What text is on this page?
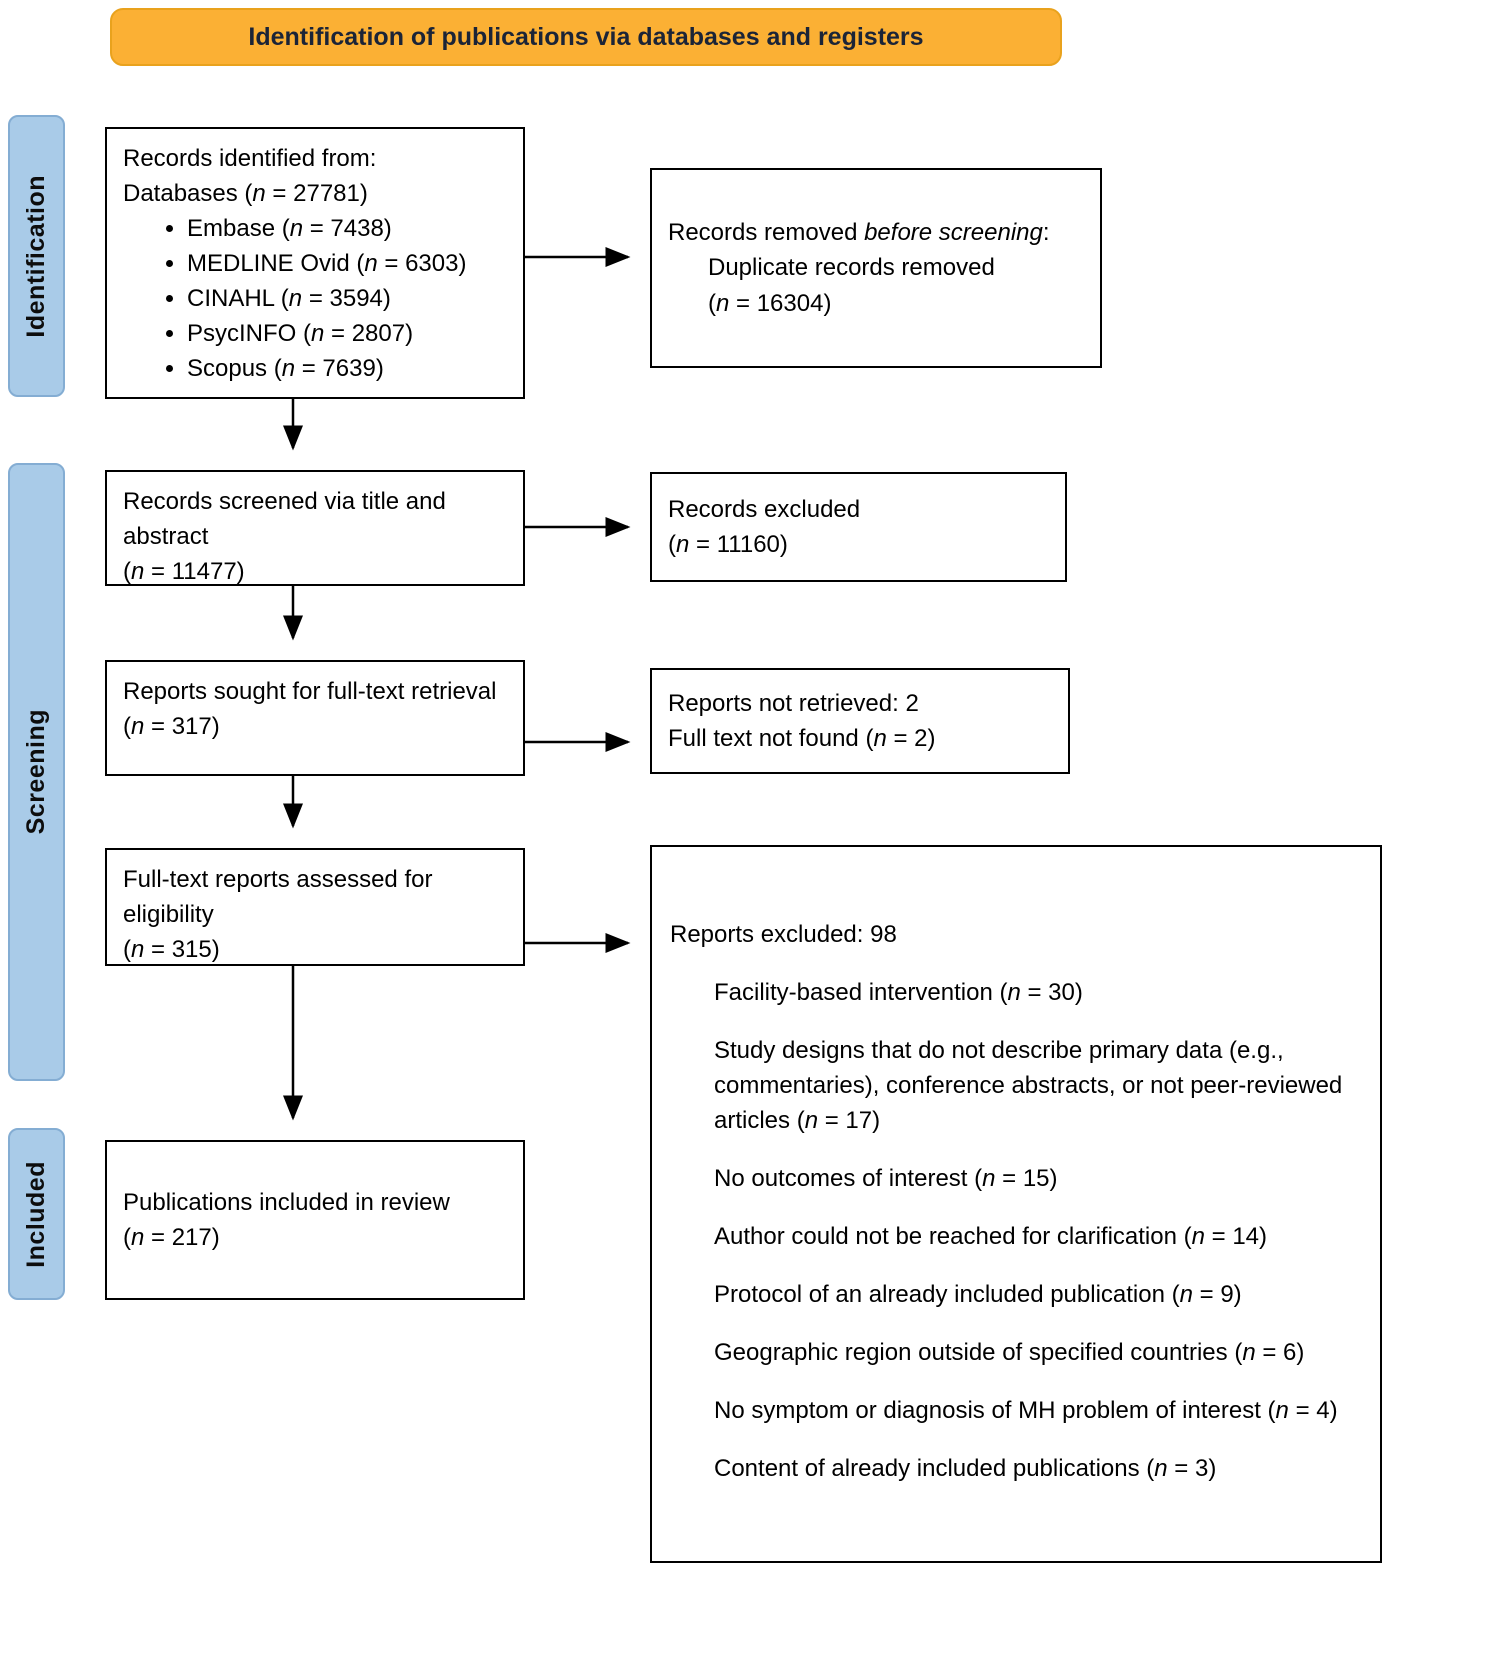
Identification of publications via databases and registers
Identification
Screening
Included
Records identified from:
Databases (n = 27781)
• Embase (n = 7438)
• MEDLINE Ovid (n = 6303)
• CINAHL (n = 3594)
• PsycINFO (n = 2807)
• Scopus (n = 7639)
Records removed before screening:
Duplicate records removed
(n = 16304)
Records screened via title and abstract
(n = 11477)
Records excluded
(n = 11160)
Reports sought for full-text retrieval
(n = 317)
Reports not retrieved: 2
Full text not found (n = 2)
Full-text reports assessed for eligibility
(n = 315)
Reports excluded: 98
Facility-based intervention (n = 30)
Study designs that do not describe primary data (e.g., commentaries), conference abstracts, or not peer-reviewed articles (n = 17)
No outcomes of interest (n = 15)
Author could not be reached for clarification (n = 14)
Protocol of an already included publication (n = 9)
Geographic region outside of specified countries (n = 6)
No symptom or diagnosis of MH problem of interest (n = 4)
Content of already included publications (n = 3)
Publications included in review
(n = 217)
